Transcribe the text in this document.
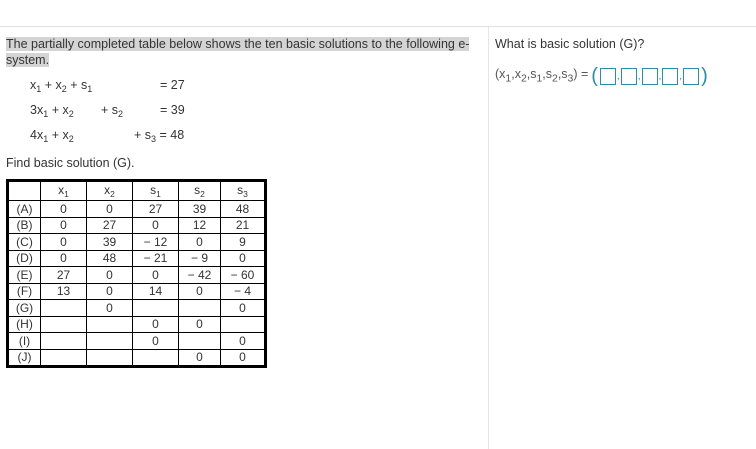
The partially completed table below shows the ten basic solutions to the following e-system.
$x_1 + x_2 + s_1$	= 27
$3x_1 + x_2 + s_2$	= 39
$4x_1 + x_2$	+ $s_3 = 48$
Find basic solution (G).
	$x_1$	$x_2$	$s_1$	$s_2$	$s_3$
(A)	0	0	27	39	48
(B)	0	27	0	12	21
(C)	0	39	− 12	0	9
(D)	0	48	− 21	− 9	0
(E)	27	0	0	− 42	− 60
(F)	13	0	14	0	− 4
(G)		0			0
(H)			0	0	
(I)			0		0
(J)				0	0
What is basic solution (G)?
$(x_1,x_2,s_1,s_2,s_3)$ = ( , , , , )
